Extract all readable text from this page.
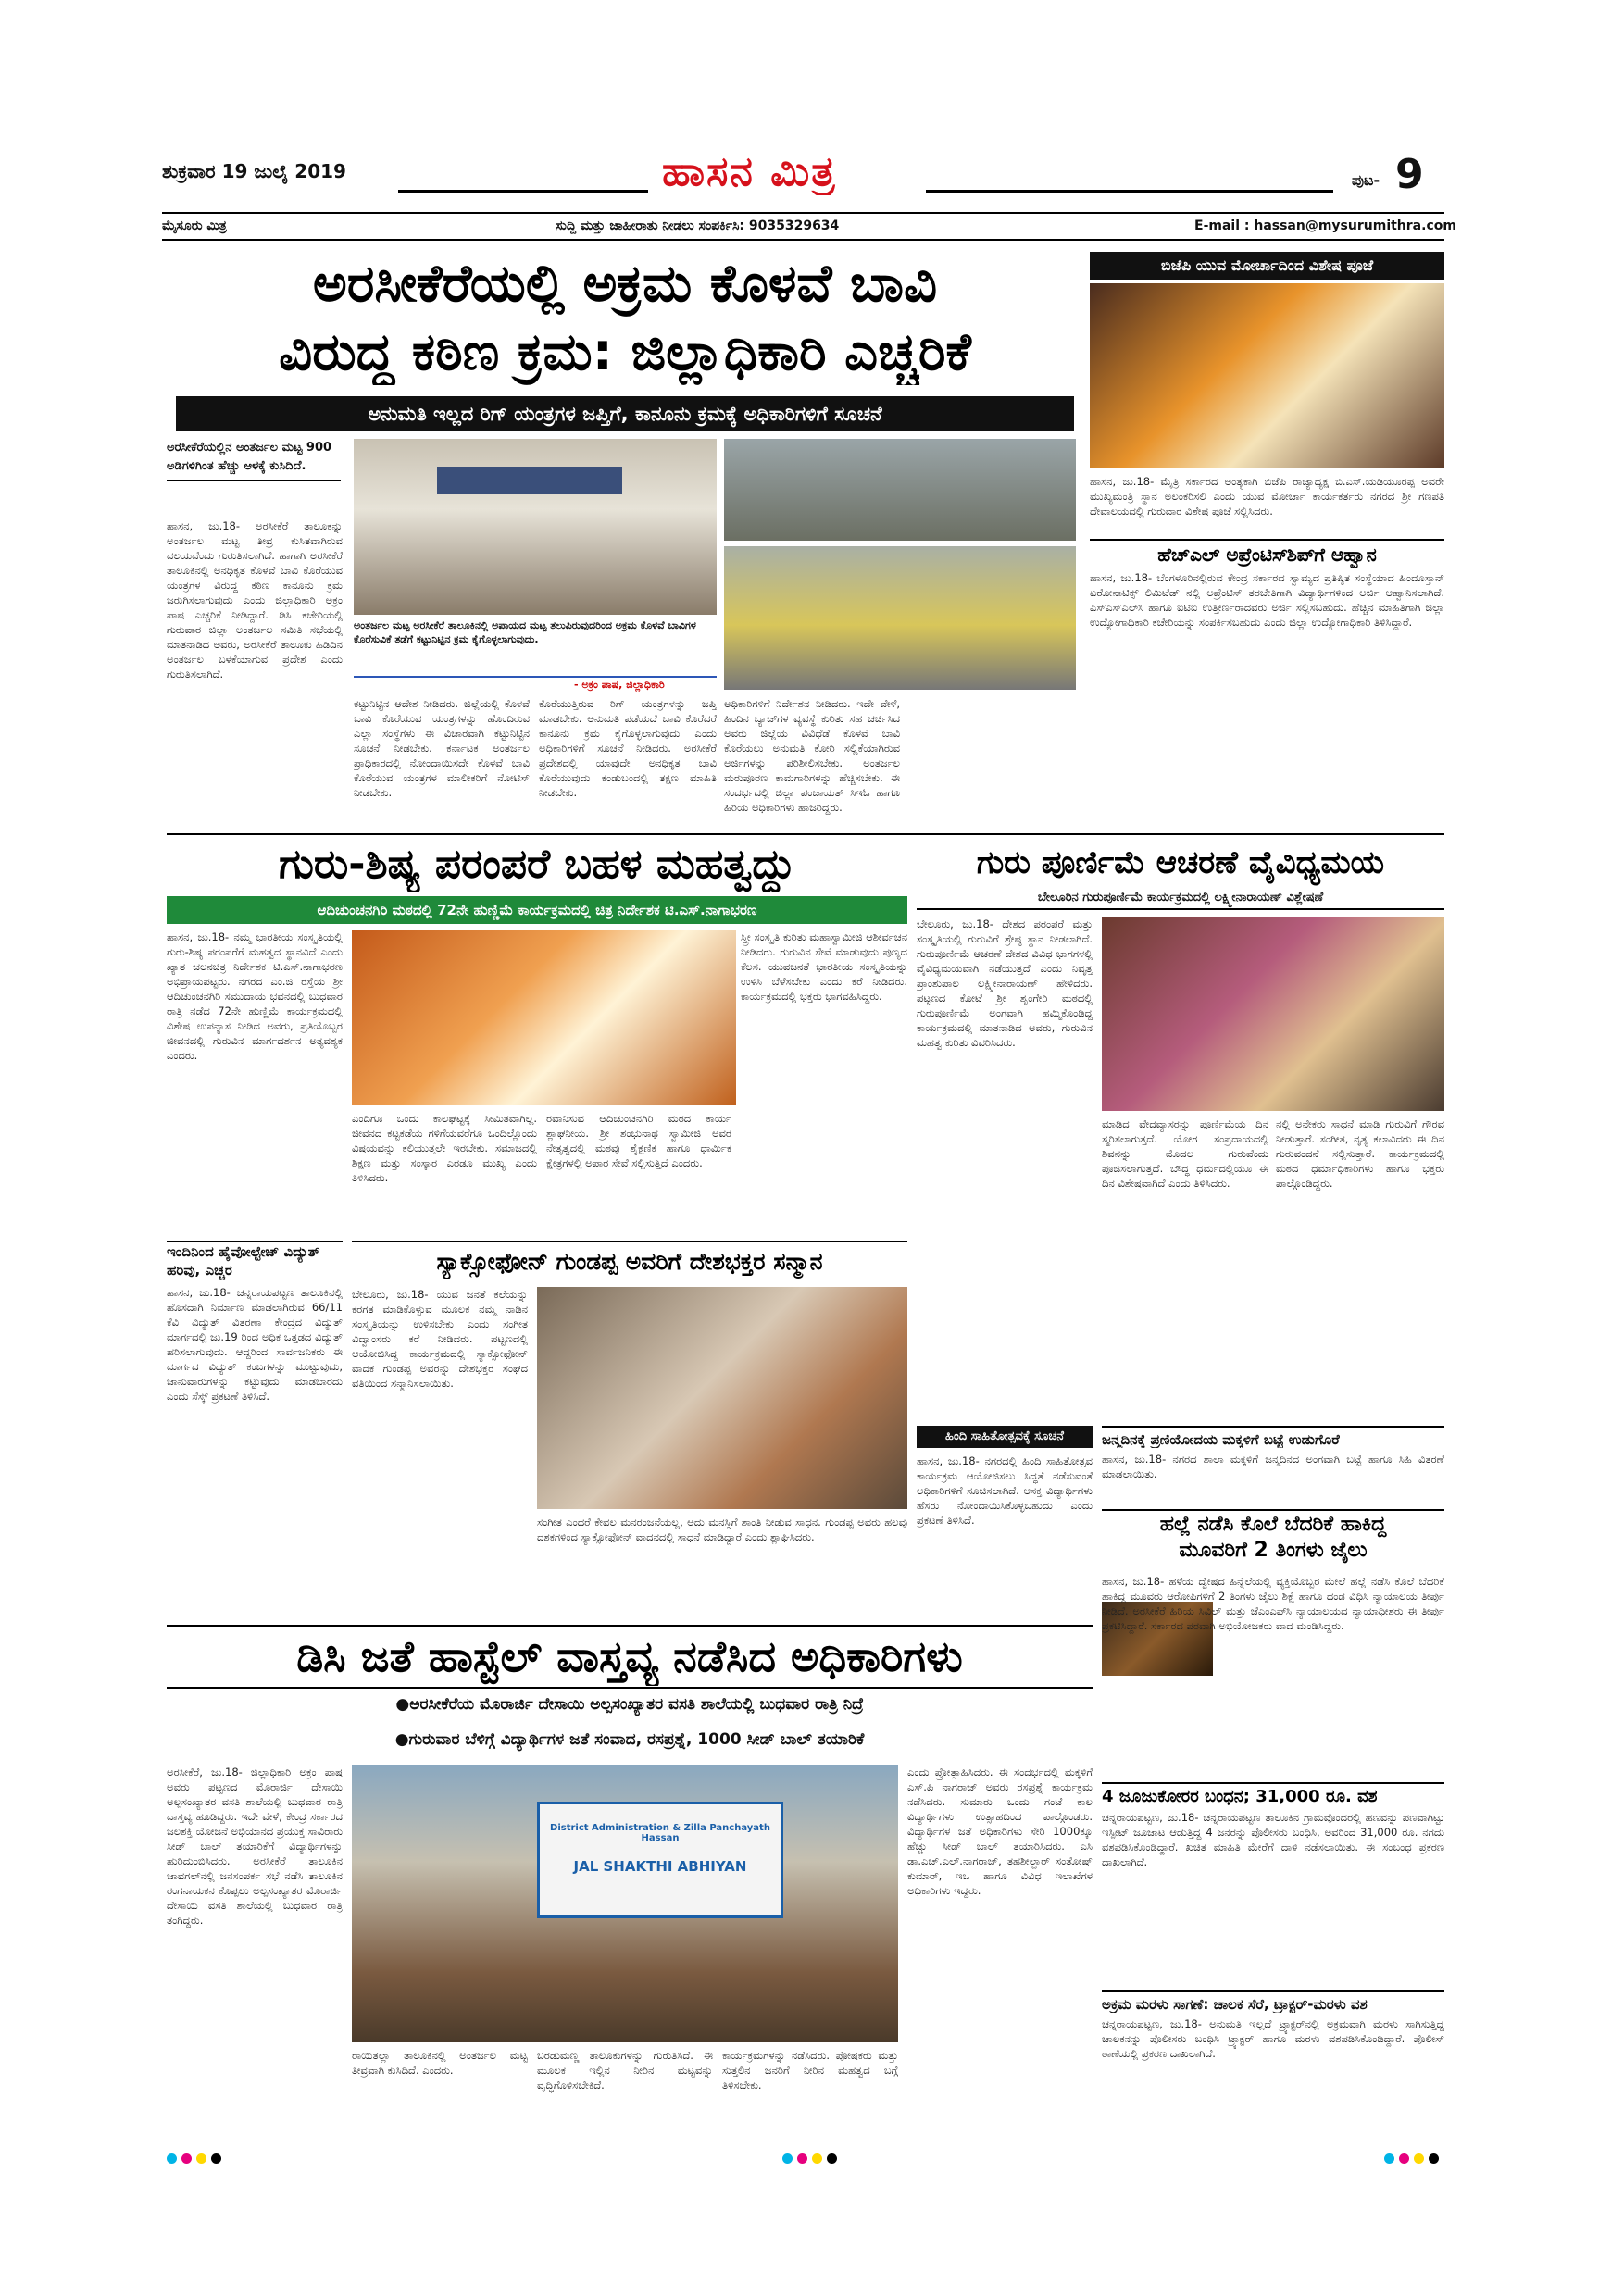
ಶುಕ್ರವಾರ 19 ಜುಲೈ 2019	ಹಾಸನ ಮಿತ್ರ	ಪುಟ- 9
ಮೈಸೂರು ಮಿತ್ರ	ಸುದ್ದಿ ಮತ್ತು ಜಾಹೀರಾತು ನೀಡಲು ಸಂಪರ್ಕಿಸಿ: 9035329634	E-mail : hassan@mysurumithra.com
ಅರಸೀಕೆರೆಯಲ್ಲಿ ಅಕ್ರಮ ಕೊಳವೆ ಬಾವಿ
ವಿರುದ್ಧ ಕಠಿಣ ಕ್ರಮ: ಜಿಲ್ಲಾಧಿಕಾರಿ ಎಚ್ಚರಿಕೆ
ಅನುಮತಿ ಇಲ್ಲದ ರಿಗ್ ಯಂತ್ರಗಳ ಜಪ್ತಿಗೆ, ಕಾನೂನು ಕ್ರಮಕ್ಕೆ ಅಧಿಕಾರಿಗಳಿಗೆ ಸೂಚನೆ
ಅರಸೀಕೆರೆಯಲ್ಲಿನ ಅಂತರ್ಜಲ ಮಟ್ಟ 900 ಅಡಿಗಳಿಗಿಂತ ಹೆಚ್ಚು ಆಳಕ್ಕೆ ಕುಸಿದಿದೆ.
ಹಾಸನ, ಜು.18- ಅರಸೀಕೆರೆ ತಾಲೂಕನ್ನು ಅಂತರ್ಜಲ ಮಟ್ಟ ತೀವ್ರ ಕುಸಿತವಾಗಿರುವ ವಲಯವೆಂದು ಗುರುತಿಸಲಾಗಿದೆ. ಹಾಗಾಗಿ ಅರಸೀಕೆರೆ ತಾಲೂಕಿನಲ್ಲಿ ಅನಧಿಕೃತ ಕೊಳವೆ ಬಾವಿ ಕೊರೆಯುವ ಯಂತ್ರಗಳ ವಿರುದ್ಧ ಕಠಿಣ ಕಾನೂನು ಕ್ರಮ ಜರುಗಿಸಲಾಗುವುದು ಎಂದು ಜಿಲ್ಲಾಧಿಕಾರಿ ಅಕ್ರಂ ಪಾಷ ಎಚ್ಚರಿಕೆ ನೀಡಿದ್ದಾರೆ. ಡಿಸಿ ಕಚೇರಿಯಲ್ಲಿ ಗುರುವಾರ ಜಿಲ್ಲಾ ಅಂತರ್ಜಲ ಸಮಿತಿ ಸಭೆಯಲ್ಲಿ ಮಾತನಾಡಿದ ಅವರು, ಅರಸೀಕೆರೆ ತಾಲೂಕು ಹಿಡಿದಿನ ಅಂತರ್ಜಲ ಬಳಕೆಯಾಗುವ ಪ್ರದೇಶ ಎಂದು ಗುರುತಿಸಲಾಗಿದೆ.
ಅಂತರ್ಜಲ ಮಟ್ಟ ಅರಸೀಕೆರೆ ತಾಲೂಕಿನಲ್ಲಿ ಅಪಾಯದ ಮಟ್ಟ ತಲುಪಿರುವುದರಿಂದ ಅಕ್ರಮ ಕೊಳವೆ ಬಾವಿಗಳ ಕೊರೆಸುವಿಕೆ ತಡೆಗೆ ಕಟ್ಟುನಿಟ್ಟಿನ ಕ್ರಮ ಕೈಗೊಳ್ಳಲಾಗುವುದು.
- ಅಕ್ರಂ ಪಾಷ, ಜಿಲ್ಲಾಧಿಕಾರಿ
ಕಟ್ಟುನಿಟ್ಟಿನ ಆದೇಶ ನೀಡಿದರು. ಜಿಲ್ಲೆಯಲ್ಲಿ ಕೊಳವೆ ಬಾವಿ ಕೊರೆಯುವ ಯಂತ್ರಗಳನ್ನು ಹೊಂದಿರುವ ಎಲ್ಲಾ ಸಂಸ್ಥೆಗಳು ಈ ವಿಚಾರವಾಗಿ ಕಟ್ಟುನಿಟ್ಟಿನ ಸೂಚನೆ ನೀಡಬೇಕು. ಕರ್ನಾಟಕ ಅಂತರ್ಜಲ ಪ್ರಾಧಿಕಾರದಲ್ಲಿ ನೋಂದಾಯಿಸದೇ ಕೊಳವೆ ಬಾವಿ ಕೊರೆಯುವ ಯಂತ್ರಗಳ ಮಾಲೀಕರಿಗೆ ನೋಟಿಸ್ ನೀಡಬೇಕು.
ಕೊರೆಯುತ್ತಿರುವ ರಿಗ್ ಯಂತ್ರಗಳನ್ನು ಜಪ್ತಿ ಮಾಡಬೇಕು. ಅನುಮತಿ ಪಡೆಯದೆ ಬಾವಿ ಕೊರೆದರೆ ಕಾನೂನು ಕ್ರಮ ಕೈಗೊಳ್ಳಲಾಗುವುದು ಎಂದು ಅಧಿಕಾರಿಗಳಿಗೆ ಸೂಚನೆ ನೀಡಿದರು. ಅರಸೀಕೆರೆ ಪ್ರದೇಶದಲ್ಲಿ ಯಾವುದೇ ಅನಧಿಕೃತ ಬಾವಿ ಕೊರೆಯುವುದು ಕಂಡುಬಂದಲ್ಲಿ ತಕ್ಷಣ ಮಾಹಿತಿ ನೀಡಬೇಕು.
ಅಧಿಕಾರಿಗಳಿಗೆ ನಿರ್ದೇಶನ ನೀಡಿದರು. ಇದೇ ವೇಳೆ, ಹಿಂದಿನ ಬ್ಯಾಚ್‍ಗಳ ವ್ಯವಸ್ಥೆ ಕುರಿತು ಸಹ ಚರ್ಚಿಸಿದ ಅವರು ಜಿಲ್ಲೆಯ ವಿವಿಧೆಡೆ ಕೊಳವೆ ಬಾವಿ ಕೊರೆಯಲು ಅನುಮತಿ ಕೋರಿ ಸಲ್ಲಿಕೆಯಾಗಿರುವ ಅರ್ಜಿಗಳನ್ನು ಪರಿಶೀಲಿಸಬೇಕು. ಅಂತರ್ಜಲ ಮರುಪೂರಣ ಕಾಮಗಾರಿಗಳನ್ನು ಹೆಚ್ಚಿಸಬೇಕು. ಈ ಸಂದರ್ಭದಲ್ಲಿ ಜಿಲ್ಲಾ ಪಂಚಾಯತ್ ಸಿಇಓ ಹಾಗೂ ಹಿರಿಯ ಅಧಿಕಾರಿಗಳು ಹಾಜರಿದ್ದರು.
ಬಿಜೆಪಿ ಯುವ ಮೋರ್ಚಾದಿಂದ ವಿಶೇಷ ಪೂಜೆ
ಹಾಸನ, ಜು.18- ಮೈತ್ರಿ ಸರ್ಕಾರದ ಅಂತ್ಯಕಾಗಿ ಬಿಜೆಪಿ ರಾಜ್ಯಾಧ್ಯಕ್ಷ ಬಿ.ಎಸ್.ಯಡಿಯೂರಪ್ಪ ಅವರೇ ಮುಖ್ಯಮಂತ್ರಿ ಸ್ಥಾನ ಅಲಂಕರಿಸಲಿ ಎಂದು ಯುವ ಮೋರ್ಚಾ ಕಾರ್ಯಕರ್ತರು ನಗರದ ಶ್ರೀ ಗಣಪತಿ ದೇವಾಲಯದಲ್ಲಿ ಗುರುವಾರ ವಿಶೇಷ ಪೂಜೆ ಸಲ್ಲಿಸಿದರು.
ಹೆಚ್‍ಎಲ್ ಅಪ್ರೆಂಟಿಸ್‍ಶಿಪ್‍ಗೆ ಆಹ್ವಾನ
ಹಾಸನ, ಜು.18- ಬೆಂಗಳೂರಿನಲ್ಲಿರುವ ಕೇಂದ್ರ ಸರ್ಕಾರದ ಸ್ವಾಮ್ಯದ ಪ್ರತಿಷ್ಠಿತ ಸಂಸ್ಥೆಯಾದ ಹಿಂದೂಸ್ತಾನ್ ಏರೋನಾಟಿಕ್ಸ್ ಲಿಮಿಟೆಡ್ ನಲ್ಲಿ ಅಪ್ರೆಂಟಿಸ್ ತರಬೇತಿಗಾಗಿ ವಿದ್ಯಾರ್ಥಿಗಳಿಂದ ಅರ್ಜಿ ಆಹ್ವಾನಿಸಲಾಗಿದೆ. ಎಸ್‍ಎಸ್‍ಎಲ್‍ಸಿ ಹಾಗೂ ಐಟಿಐ ಉತ್ತೀರ್ಣರಾದವರು ಅರ್ಜಿ ಸಲ್ಲಿಸಬಹುದು. ಹೆಚ್ಚಿನ ಮಾಹಿತಿಗಾಗಿ ಜಿಲ್ಲಾ ಉದ್ಯೋಗಾಧಿಕಾರಿ ಕಚೇರಿಯನ್ನು ಸಂಪರ್ಕಿಸಬಹುದು ಎಂದು ಜಿಲ್ಲಾ ಉದ್ಯೋಗಾಧಿಕಾರಿ ತಿಳಿಸಿದ್ದಾರೆ.
ಗುರು-ಶಿಷ್ಯ ಪರಂಪರೆ ಬಹಳ ಮಹತ್ವದ್ದು
ಆದಿಚುಂಚನಗಿರಿ ಮಠದಲ್ಲಿ 72ನೇ ಹುಣ್ಣಿಮೆ ಕಾರ್ಯಕ್ರಮದಲ್ಲಿ ಚಿತ್ರ ನಿರ್ದೇಶಕ ಟಿ.ಎಸ್.ನಾಗಾಭರಣ
ಹಾಸನ, ಜು.18- ನಮ್ಮ ಭಾರತೀಯ ಸಂಸ್ಕೃತಿಯಲ್ಲಿ ಗುರು-ಶಿಷ್ಯ ಪರಂಪರೆಗೆ ಮಹತ್ವದ ಸ್ಥಾನವಿದೆ ಎಂದು ಖ್ಯಾತ ಚಲನಚಿತ್ರ ನಿರ್ದೇಶಕ ಟಿ.ಎಸ್.ನಾಗಾಭರಣ ಅಭಿಪ್ರಾಯಪಟ್ಟರು. ನಗರದ ಎಂ.ಜಿ ರಸ್ತೆಯ ಶ್ರೀ ಆದಿಚುಂಚನಗಿರಿ ಸಮುದಾಯ ಭವನದಲ್ಲಿ ಬುಧವಾರ ರಾತ್ರಿ ನಡೆದ 72ನೇ ಹುಣ್ಣಿಮೆ ಕಾರ್ಯಕ್ರಮದಲ್ಲಿ ವಿಶೇಷ ಉಪನ್ಯಾಸ ನೀಡಿದ ಅವರು, ಪ್ರತಿಯೊಬ್ಬರ ಜೀವನದಲ್ಲಿ ಗುರುವಿನ ಮಾರ್ಗದರ್ಶನ ಅತ್ಯವಶ್ಯಕ ಎಂದರು.
ಎಂದಿಗೂ ಒಂದು ಕಾಲಘಟ್ಟಕ್ಕೆ ಸೀಮಿತವಾಗಿಲ್ಲ. ಜೀವನದ ಕಟ್ಟಕಡೆಯ ಗಳಿಗೆಯವರೆಗೂ ಒಂದಿಲ್ಲೊಂದು ವಿಷಯವನ್ನು ಕಲಿಯುತ್ತಲೇ ಇರಬೇಕು. ಸಮಾಜದಲ್ಲಿ ಶಿಕ್ಷಣ ಮತ್ತು ಸಂಸ್ಕಾರ ಎರಡೂ ಮುಖ್ಯ ಎಂದು ತಿಳಿಸಿದರು.
ರವಾನಿಸುವ ಆದಿಚುಂಚನಗಿರಿ ಮಠದ ಕಾರ್ಯ ಶ್ಲಾಘನೀಯ. ಶ್ರೀ ಶಂಭುನಾಥ ಸ್ವಾಮೀಜಿ ಅವರ ನೇತೃತ್ವದಲ್ಲಿ ಮಠವು ಶೈಕ್ಷಣಿಕ ಹಾಗೂ ಧಾರ್ಮಿಕ ಕ್ಷೇತ್ರಗಳಲ್ಲಿ ಅಪಾರ ಸೇವೆ ಸಲ್ಲಿಸುತ್ತಿದೆ ಎಂದರು.
ಸ್ತ್ರೀ ಸಂಸ್ಕೃತಿ ಕುರಿತು ಮಹಾಸ್ವಾಮೀಜಿ ಆಶೀರ್ವಚನ ನೀಡಿದರು. ಗುರುವಿನ ಸೇವೆ ಮಾಡುವುದು ಪುಣ್ಯದ ಕೆಲಸ. ಯುವಜನತೆ ಭಾರತೀಯ ಸಂಸ್ಕೃತಿಯನ್ನು ಉಳಿಸಿ ಬೆಳೆಸಬೇಕು ಎಂದು ಕರೆ ನೀಡಿದರು. ಕಾರ್ಯಕ್ರಮದಲ್ಲಿ ಭಕ್ತರು ಭಾಗವಹಿಸಿದ್ದರು.
ಗುರು ಪೂರ್ಣಿಮೆ ಆಚರಣೆ ವೈವಿಧ್ಯಮಯ
ಬೇಲೂರಿನ ಗುರುಪೂರ್ಣಿಮೆ ಕಾರ್ಯಕ್ರಮದಲ್ಲಿ ಲಕ್ಷ್ಮೀನಾರಾಯಣ್ ವಿಶ್ಲೇಷಣೆ
ಬೇಲೂರು, ಜು.18- ದೇಶದ ಪರಂಪರೆ ಮತ್ತು ಸಂಸ್ಕೃತಿಯಲ್ಲಿ ಗುರುವಿಗೆ ಶ್ರೇಷ್ಠ ಸ್ಥಾನ ನೀಡಲಾಗಿದೆ. ಗುರುಪೂರ್ಣಿಮೆ ಆಚರಣೆ ದೇಶದ ವಿವಿಧ ಭಾಗಗಳಲ್ಲಿ ವೈವಿಧ್ಯಮಯವಾಗಿ ನಡೆಯುತ್ತದೆ ಎಂದು ನಿವೃತ್ತ ಪ್ರಾಂಶುಪಾಲ ಲಕ್ಷ್ಮೀನಾರಾಯಣ್ ಹೇಳಿದರು. ಪಟ್ಟಣದ ಕೋಟೆ ಶ್ರೀ ಶೃಂಗೇರಿ ಮಠದಲ್ಲಿ ಗುರುಪೂರ್ಣಿಮೆ ಅಂಗವಾಗಿ ಹಮ್ಮಿಕೊಂಡಿದ್ದ ಕಾರ್ಯಕ್ರಮದಲ್ಲಿ ಮಾತನಾಡಿದ ಅವರು, ಗುರುವಿನ ಮಹತ್ವ ಕುರಿತು ವಿವರಿಸಿದರು.
ಮಾಡಿದ ವೇದವ್ಯಾಸರನ್ನು ಪೂರ್ಣಿಮೆಯ ದಿನ ಸ್ಮರಿಸಲಾಗುತ್ತದೆ. ಯೋಗ ಸಂಪ್ರದಾಯದಲ್ಲಿ ಶಿವನನ್ನು ಮೊದಲ ಗುರುವೆಂದು ಪೂಜಿಸಲಾಗುತ್ತದೆ. ಬೌದ್ಧ ಧರ್ಮದಲ್ಲಿಯೂ ಈ ದಿನ ವಿಶೇಷವಾಗಿದೆ ಎಂದು ತಿಳಿಸಿದರು.
ನಲ್ಲಿ ಅನೇಕರು ಸಾಧನೆ ಮಾಡಿ ಗುರುವಿಗೆ ಗೌರವ ನೀಡುತ್ತಾರೆ. ಸಂಗೀತ, ನೃತ್ಯ ಕಲಾವಿದರು ಈ ದಿನ ಗುರುವಂದನೆ ಸಲ್ಲಿಸುತ್ತಾರೆ. ಕಾರ್ಯಕ್ರಮದಲ್ಲಿ ಮಠದ ಧರ್ಮಾಧಿಕಾರಿಗಳು ಹಾಗೂ ಭಕ್ತರು ಪಾಲ್ಗೊಂಡಿದ್ದರು.
ಇಂದಿನಿಂದ ಹೈವೋಲ್ಟೇಜ್ ವಿದ್ಯುತ್ ಹರಿವು, ಎಚ್ಚರ
ಹಾಸನ, ಜು.18- ಚನ್ನರಾಯಪಟ್ಟಣ ತಾಲೂಕಿನಲ್ಲಿ ಹೊಸದಾಗಿ ನಿರ್ಮಾಣ ಮಾಡಲಾಗಿರುವ 66/11 ಕೆವಿ ವಿದ್ಯುತ್ ವಿತರಣಾ ಕೇಂದ್ರದ ವಿದ್ಯುತ್ ಮಾರ್ಗದಲ್ಲಿ ಜು.19 ರಿಂದ ಅಧಿಕ ಒತ್ತಡದ ವಿದ್ಯುತ್ ಹರಿಸಲಾಗುವುದು. ಆದ್ದರಿಂದ ಸಾರ್ವಜನಿಕರು ಈ ಮಾರ್ಗದ ವಿದ್ಯುತ್ ಕಂಬಗಳನ್ನು ಮುಟ್ಟುವುದು, ಜಾನುವಾರುಗಳನ್ನು ಕಟ್ಟುವುದು ಮಾಡಬಾರದು ಎಂದು ಸೆಸ್ಕ್ ಪ್ರಕಟಣೆ ತಿಳಿಸಿದೆ.
ಸ್ಯಾಕ್ಸೋಫೋನ್ ಗುಂಡಪ್ಪ ಅವರಿಗೆ ದೇಶಭಕ್ತರ ಸನ್ಮಾನ
ಬೇಲೂರು, ಜು.18- ಯುವ ಜನತೆ ಕಲೆಯನ್ನು ಕರಗತ ಮಾಡಿಕೊಳ್ಳುವ ಮೂಲಕ ನಮ್ಮ ನಾಡಿನ ಸಂಸ್ಕೃತಿಯನ್ನು ಉಳಿಸಬೇಕು ಎಂದು ಸಂಗೀತ ವಿದ್ವಾಂಸರು ಕರೆ ನೀಡಿದರು. ಪಟ್ಟಣದಲ್ಲಿ ಆಯೋಜಿಸಿದ್ದ ಕಾರ್ಯಕ್ರಮದಲ್ಲಿ ಸ್ಯಾಕ್ಸೋಫೋನ್ ವಾದಕ ಗುಂಡಪ್ಪ ಅವರನ್ನು ದೇಶಭಕ್ತರ ಸಂಘದ ವತಿಯಿಂದ ಸನ್ಮಾನಿಸಲಾಯಿತು.
ಸಂಗೀತ ಎಂದರೆ ಕೇವಲ ಮನರಂಜನೆಯಲ್ಲ, ಅದು ಮನಸ್ಸಿಗೆ ಶಾಂತಿ ನೀಡುವ ಸಾಧನ. ಗುಂಡಪ್ಪ ಅವರು ಹಲವು ದಶಕಗಳಿಂದ ಸ್ಯಾಕ್ಸೋಫೋನ್ ವಾದನದಲ್ಲಿ ಸಾಧನೆ ಮಾಡಿದ್ದಾರೆ ಎಂದು ಶ್ಲಾಘಿಸಿದರು.
ಹಿಂದಿ ಸಾಹಿತೋತ್ಸವಕ್ಕೆ ಸೂಚನೆ
ಹಾಸನ, ಜು.18- ನಗರದಲ್ಲಿ ಹಿಂದಿ ಸಾಹಿತೋತ್ಸವ ಕಾರ್ಯಕ್ರಮ ಆಯೋಜಿಸಲು ಸಿದ್ಧತೆ ನಡೆಸುವಂತೆ ಅಧಿಕಾರಿಗಳಿಗೆ ಸೂಚಿಸಲಾಗಿದೆ. ಆಸಕ್ತ ವಿದ್ಯಾರ್ಥಿಗಳು ಹೆಸರು ನೋಂದಾಯಿಸಿಕೊಳ್ಳಬಹುದು ಎಂದು ಪ್ರಕಟಣೆ ತಿಳಿಸಿದೆ.
ಜನ್ಮದಿನಕ್ಕೆ ಪ್ರಣಿಯೋದಯ ಮಕ್ಕಳಿಗೆ ಬಟ್ಟೆ ಉಡುಗೊರೆ
ಹಾಸನ, ಜು.18- ನಗರದ ಶಾಲಾ ಮಕ್ಕಳಿಗೆ ಜನ್ಮದಿನದ ಅಂಗವಾಗಿ ಬಟ್ಟೆ ಹಾಗೂ ಸಿಹಿ ವಿತರಣೆ ಮಾಡಲಾಯಿತು.
ಹಲ್ಲೆ ನಡೆಸಿ ಕೊಲೆ ಬೆದರಿಕೆ ಹಾಕಿದ್ದ
ಮೂವರಿಗೆ 2 ತಿಂಗಳು ಜೈಲು
ಹಾಸನ, ಜು.18- ಹಳೆಯ ದ್ವೇಷದ ಹಿನ್ನೆಲೆಯಲ್ಲಿ ವ್ಯಕ್ತಿಯೊಬ್ಬರ ಮೇಲೆ ಹಲ್ಲೆ ನಡೆಸಿ ಕೊಲೆ ಬೆದರಿಕೆ ಹಾಕಿದ್ದ ಮೂವರು ಆರೋಪಿಗಳಿಗೆ 2 ತಿಂಗಳು ಜೈಲು ಶಿಕ್ಷೆ ಹಾಗೂ ದಂಡ ವಿಧಿಸಿ ನ್ಯಾಯಾಲಯ ತೀರ್ಪು ನೀಡಿದೆ. ಅರಸೀಕೆರೆ ಹಿರಿಯ ಸಿವಿಲ್ ಮತ್ತು ಜೆಎಂಎಫ್‍ಸಿ ನ್ಯಾಯಾಲಯದ ನ್ಯಾಯಾಧೀಶರು ಈ ತೀರ್ಪು ಪ್ರಕಟಿಸಿದ್ದಾರೆ. ಸರ್ಕಾರದ ಪರವಾಗಿ ಅಭಿಯೋಜಕರು ವಾದ ಮಂಡಿಸಿದ್ದರು.
4 ಜೂಜುಕೋರರ ಬಂಧನ; 31,000 ರೂ. ವಶ
ಚನ್ನರಾಯಪಟ್ಟಣ, ಜು.18- ಚನ್ನರಾಯಪಟ್ಟಣ ತಾಲೂಕಿನ ಗ್ರಾಮವೊಂದರಲ್ಲಿ ಹಣವನ್ನು ಪಣವಾಗಿಟ್ಟು ಇಸ್ಪೀಟ್ ಜೂಜಾಟ ಆಡುತ್ತಿದ್ದ 4 ಜನರನ್ನು ಪೊಲೀಸರು ಬಂಧಿಸಿ, ಅವರಿಂದ 31,000 ರೂ. ನಗದು ವಶಪಡಿಸಿಕೊಂಡಿದ್ದಾರೆ. ಖಚಿತ ಮಾಹಿತಿ ಮೇರೆಗೆ ದಾಳಿ ನಡೆಸಲಾಯಿತು. ಈ ಸಂಬಂಧ ಪ್ರಕರಣ ದಾಖಲಾಗಿದೆ.
ಅಕ್ರಮ ಮರಳು ಸಾಗಣೆ: ಚಾಲಕ ಸೆರೆ, ಟ್ರ್ಯಾಕ್ಟರ್-ಮರಳು ವಶ
ಚನ್ನರಾಯಪಟ್ಟಣ, ಜು.18- ಅನುಮತಿ ಇಲ್ಲದೆ ಟ್ರ್ಯಾಕ್ಟರ್‌ನಲ್ಲಿ ಅಕ್ರಮವಾಗಿ ಮರಳು ಸಾಗಿಸುತ್ತಿದ್ದ ಚಾಲಕನನ್ನು ಪೊಲೀಸರು ಬಂಧಿಸಿ ಟ್ರ್ಯಾಕ್ಟರ್ ಹಾಗೂ ಮರಳು ವಶಪಡಿಸಿಕೊಂಡಿದ್ದಾರೆ. ಪೊಲೀಸ್ ಠಾಣೆಯಲ್ಲಿ ಪ್ರಕರಣ ದಾಖಲಾಗಿದೆ.
ಡಿಸಿ ಜತೆ ಹಾಸ್ಟೆಲ್ ವಾಸ್ತವ್ಯ ನಡೆಸಿದ ಅಧಿಕಾರಿಗಳು
●ಅರಸೀಕೆರೆಯ ಮೊರಾರ್ಜಿ ದೇಸಾಯಿ ಅಲ್ಪಸಂಖ್ಯಾತರ ವಸತಿ ಶಾಲೆಯಲ್ಲಿ ಬುಧವಾರ ರಾತ್ರಿ ನಿದ್ರೆ
●ಗುರುವಾರ ಬೆಳಿಗ್ಗೆ ವಿದ್ಯಾರ್ಥಿಗಳ ಜತೆ ಸಂವಾದ, ರಸಪ್ರಶ್ನೆ, 1000 ಸೀಡ್ ಬಾಲ್ ತಯಾರಿಕೆ
ಅರಸೀಕೆರೆ, ಜು.18- ಜಿಲ್ಲಾಧಿಕಾರಿ ಅಕ್ರಂ ಪಾಷ ಅವರು ಪಟ್ಟಣದ ಮೊರಾರ್ಜಿ ದೇಸಾಯಿ ಅಲ್ಪಸಂಖ್ಯಾತರ ವಸತಿ ಶಾಲೆಯಲ್ಲಿ ಬುಧವಾರ ರಾತ್ರಿ ವಾಸ್ತವ್ಯ ಹೂಡಿದ್ದರು. ಇದೇ ವೇಳೆ, ಕೇಂದ್ರ ಸರ್ಕಾರದ ಜಲಶಕ್ತಿ ಯೋಜನೆ ಅಭಿಯಾನದ ಪ್ರಯುಕ್ತ ಸಾವಿರಾರು ಸೀಡ್ ಬಾಲ್ ತಯಾರಿಕೆಗೆ ವಿದ್ಯಾರ್ಥಿಗಳನ್ನು ಹುರಿದುಂಬಿಸಿದರು. ಅರಸೀಕೆರೆ ತಾಲೂಕಿನ ಜಾವಗಲ್‌ನಲ್ಲಿ ಜನಸಂಪರ್ಕ ಸಭೆ ನಡೆಸಿ ತಾಲೂಕಿನ ರಂಗನಾಯಕನ ಕೊಪ್ಪಲು ಅಲ್ಪಸಂಖ್ಯಾತರ ಮೊರಾರ್ಜಿ ದೇಸಾಯಿ ವಸತಿ ಶಾಲೆಯಲ್ಲಿ ಬುಧವಾರ ರಾತ್ರಿ ತಂಗಿದ್ದರು.
District Administration & Zilla Panchayath Hassan
JAL SHAKTHI ABHIYAN
ರಾಯಿತಲ್ಲಾ ತಾಲೂಕಿನಲ್ಲಿ ಅಂತರ್ಜಲ ಮಟ್ಟ ತೀವ್ರವಾಗಿ ಕುಸಿದಿದೆ. ಎಂದರು.
ಬರಡುಮಣ್ಣ ತಾಲೂಕುಗಳನ್ನು ಗುರುತಿಸಿದೆ. ಈ ಮೂಲಕ ಇಲ್ಲಿನ ನೀರಿನ ಮಟ್ಟವನ್ನು ವೃದ್ಧಿಗೊಳಿಸಬೇಕಿದೆ.
ಕಾರ್ಯಕ್ರಮಗಳನ್ನು ನಡೆಸಿದರು. ಪೋಷಕರು ಮತ್ತು ಸುತ್ತಲಿನ ಜನರಿಗೆ ನೀರಿನ ಮಹತ್ವದ ಬಗ್ಗೆ ತಿಳಿಸಬೇಕು.
ಎಂದು ಪ್ರೋತ್ಸಾಹಿಸಿದರು. ಈ ಸಂದರ್ಭದಲ್ಲಿ ಮಕ್ಕಳಿಗೆ ಎಸ್.ಪಿ ನಾಗರಾಜ್ ಅವರು ರಸಪ್ರಶ್ನೆ ಕಾರ್ಯಕ್ರಮ ನಡೆಸಿದರು. ಸುಮಾರು ಒಂದು ಗಂಟೆ ಕಾಲ ವಿದ್ಯಾರ್ಥಿಗಳು ಉತ್ಸಾಹದಿಂದ ಪಾಲ್ಗೊಂಡರು. ವಿದ್ಯಾರ್ಥಿಗಳ ಜತೆ ಅಧಿಕಾರಿಗಳು ಸೇರಿ 1000ಕ್ಕೂ ಹೆಚ್ಚು ಸೀಡ್ ಬಾಲ್ ತಯಾರಿಸಿದರು. ಎಸಿ ಡಾ.ಎಚ್.ಎಲ್.ನಾಗರಾಜ್, ತಹಶೀಲ್ದಾರ್ ಸಂತೋಷ್ ಕುಮಾರ್, ಇಒ ಹಾಗೂ ವಿವಿಧ ಇಲಾಖೆಗಳ ಅಧಿಕಾರಿಗಳು ಇದ್ದರು.
